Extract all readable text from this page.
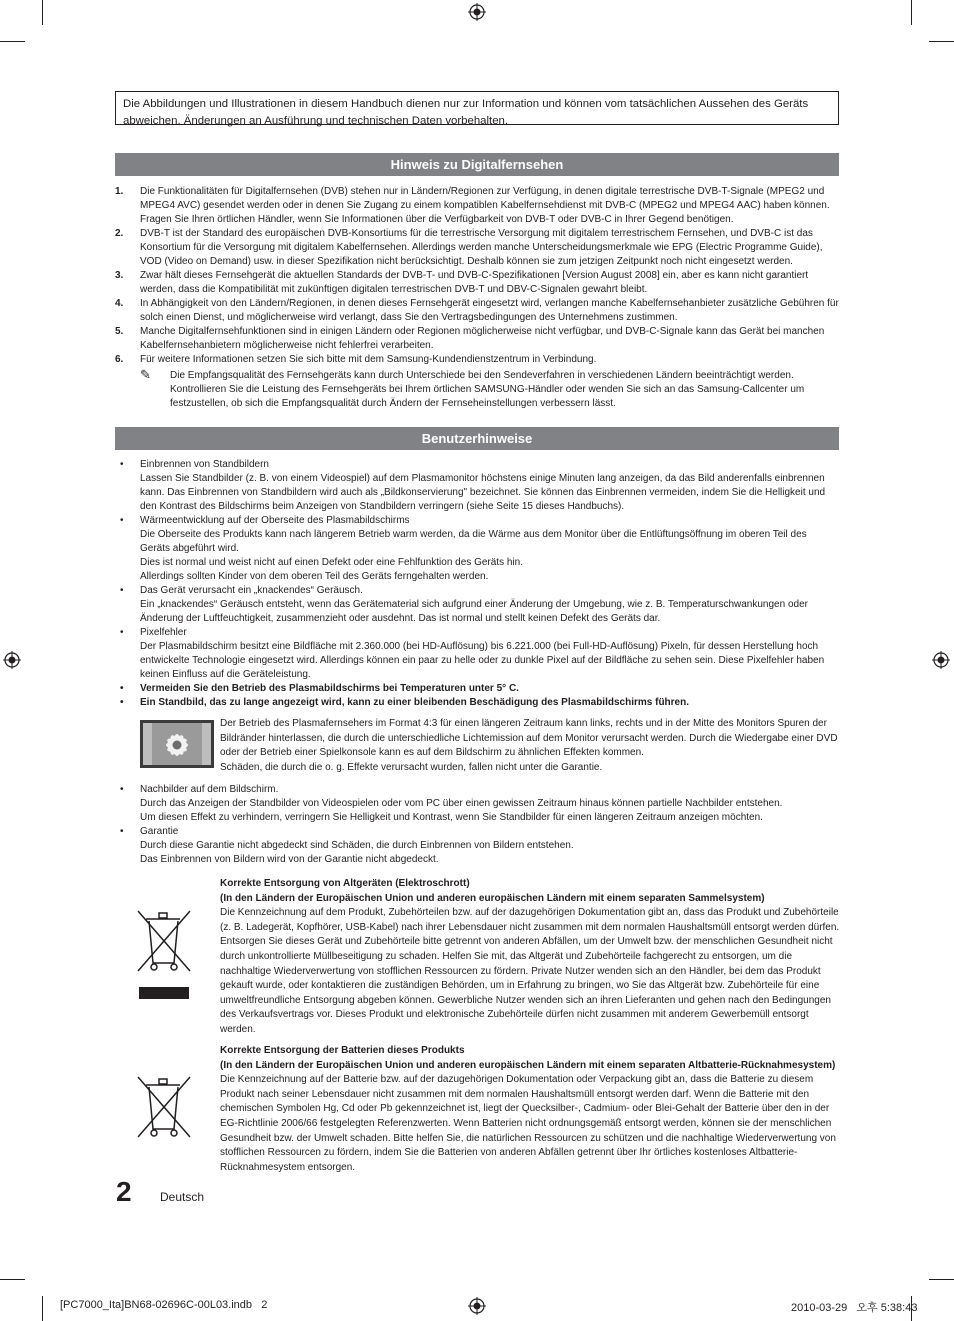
Die Abbildungen und Illustrationen in diesem Handbuch dienen nur zur Information und können vom tatsächlichen Aussehen des Geräts abweichen. Änderungen an Ausführung und technischen Daten vorbehalten.
Hinweis zu Digitalfernsehen
1. Die Funktionalitäten für Digitalfernsehen (DVB) stehen nur in Ländern/Regionen zur Verfügung, in denen digitale terrestrische DVB-T-Signale (MPEG2 und MPEG4 AVC) gesendet werden oder in denen Sie Zugang zu einem kompatiblen Kabelfernsehdienst mit DVB-C (MPEG2 und MPEG4 AAC) haben können. Fragen Sie Ihren örtlichen Händler, wenn Sie Informationen über die Verfügbarkeit von DVB-T oder DVB-C in Ihrer Gegend benötigen.
2. DVB-T ist der Standard des europäischen DVB-Konsortiums für die terrestrische Versorgung mit digitalem terrestrischem Fernsehen, und DVB-C ist das Konsortium für die Versorgung mit digitalem Kabelfernsehen. Allerdings werden manche Unterscheidungsmerkmale wie EPG (Electric Programme Guide), VOD (Video on Demand) usw. in dieser Spezifikation nicht berücksichtigt. Deshalb können sie zum jetzigen Zeitpunkt noch nicht eingesetzt werden.
3. Zwar hält dieses Fernsehgerät die aktuellen Standards der DVB-T- und DVB-C-Spezifikationen [Version August 2008] ein, aber es kann nicht garantiert werden, dass die Kompatibilität mit zukünftigen digitalen terrestrischen DVB-T und DBV-C-Signalen gewahrt bleibt.
4. In Abhängigkeit von den Ländern/Regionen, in denen dieses Fernsehgerät eingesetzt wird, verlangen manche Kabelfernsehanbieter zusätzliche Gebühren für solch einen Dienst, und möglicherweise wird verlangt, dass Sie den Vertragsbedingungen des Unternehmens zustimmen.
5. Manche Digitalfernsehfunktionen sind in einigen Ländern oder Regionen möglicherweise nicht verfügbar, und DVB-C-Signale kann das Gerät bei manchen Kabelfernsehanbietern möglicherweise nicht fehlerfrei verarbeiten.
6. Für weitere Informationen setzen Sie sich bitte mit dem Samsung-Kundendienstzentrum in Verbindung.
✎ Die Empfangsqualität des Fernsehgeräts kann durch Unterschiede bei den Sendeverfahren in verschiedenen Ländern beeinträchtigt werden. Kontrollieren Sie die Leistung des Fernsehgeräts bei Ihrem örtlichen SAMSUNG-Händler oder wenden Sie sich an das Samsung-Callcenter um festzustellen, ob sich die Empfangsqualität durch Ändern der Fernseheinstellungen verbessern lässt.
Benutzerhinweise
• Einbrennen von Standbildern
Lassen Sie Standbilder (z. B. von einem Videospiel) auf dem Plasmamonitor höchstens einige Minuten lang anzeigen, da das Bild anderenfalls einbrennen kann. Das Einbrennen von Standbildern wird auch als „Bildkonservierung" bezeichnet. Sie können das Einbrennen vermeiden, indem Sie die Helligkeit und den Kontrast des Bildschirms beim Anzeigen von Standbildern verringern (siehe Seite 15 dieses Handbuchs).
• Wärmeentwicklung auf der Oberseite des Plasmabildschirms
Die Oberseite des Produkts kann nach längerem Betrieb warm werden, da die Wärme aus dem Monitor über die Entlüftungsöffnung im oberen Teil des Geräts abgeführt wird.
Dies ist normal und weist nicht auf einen Defekt oder eine Fehlfunktion des Geräts hin.
Allerdings sollten Kinder von dem oberen Teil des Geräts ferngehalten werden.
• Das Gerät verursacht ein „knackendes“ Geräusch.
Ein „knackendes“ Geräusch entsteht, wenn das Gerätematerial sich aufgrund einer Änderung der Umgebung, wie z. B. Temperaturschwankungen oder Änderung der Luftfeuchtigkeit, zusammenzieht oder ausdehnt. Das ist normal und stellt keinen Defekt des Geräts dar.
• Pixelfehler
Der Plasmabildschirm besitzt eine Bildfläche mit 2.360.000 (bei HD-Auflösung) bis 6.221.000 (bei Full-HD-Auflösung) Pixeln, für dessen Herstellung hoch entwickelte Technologie eingesetzt wird. Allerdings können ein paar zu helle oder zu dunkle Pixel auf der Bildfläche zu sehen sein. Diese Pixelfehler haben keinen Einfluss auf die Geräteleistung.
• Vermeiden Sie den Betrieb des Plasmabildschirms bei Temperaturen unter 5° C.
• Ein Standbild, das zu lange angezeigt wird, kann zu einer bleibenden Beschädigung des Plasmabildschirms führen.
Der Betrieb des Plasmafernsehers im Format 4:3 für einen längeren Zeitraum kann links, rechts und in der Mitte des Monitors Spuren der Bildränder hinterlassen, die durch die unterschiedliche Lichtemission auf dem Monitor verursacht werden. Durch die Wiedergabe einer DVD oder der Betrieb einer Spielkonsole kann es auf dem Bildschirm zu ähnlichen Effekten kommen.
Schäden, die durch die o. g. Effekte verursacht wurden, fallen nicht unter die Garantie.
• Nachbilder auf dem Bildschirm.
Durch das Anzeigen der Standbilder von Videospielen oder vom PC über einen gewissen Zeitraum hinaus können partielle Nachbilder entstehen.
Um diesen Effekt zu verhindern, verringern Sie Helligkeit und Kontrast, wenn Sie Standbilder für einen längeren Zeitraum anzeigen möchten.
• Garantie
Durch diese Garantie nicht abgedeckt sind Schäden, die durch Einbrennen von Bildern entstehen.
Das Einbrennen von Bildern wird von der Garantie nicht abgedeckt.
Korrekte Entsorgung von Altgeräten (Elektroschrott)
(In den Ländern der Europäischen Union und anderen europäischen Ländern mit einem separaten Sammelsystem)
Die Kennzeichnung auf dem Produkt, Zubehörteilen bzw. auf der dazugehörigen Dokumentation gibt an, dass das Produkt und Zubehörteile (z. B. Ladegerät, Kopfhörer, USB-Kabel) nach ihrer Lebensdauer nicht zusammen mit dem normalen Haushaltsmüll entsorgt werden dürfen. Entsorgen Sie dieses Gerät und Zubehörteile bitte getrennt von anderen Abfällen, um der Umwelt bzw. der menschlichen Gesundheit nicht durch unkontrollierte Müllbeseitigung zu schaden. Helfen Sie mit, das Altgerät und Zubehörteile fachgerecht zu entsorgen, um die nachhaltige Wiederverwertung von stofflichen Ressourcen zu fördern. Private Nutzer wenden sich an den Händler, bei dem das Produkt gekauft wurde, oder kontaktieren die zuständigen Behörden, um in Erfahrung zu bringen, wo Sie das Altgerät bzw. Zubehörteile für eine umweltfreundliche Entsorgung abgeben können. Gewerbliche Nutzer wenden sich an ihren Lieferanten und gehen nach den Bedingungen des Verkaufsvertrags vor. Dieses Produkt und elektronische Zubehörteile dürfen nicht zusammen mit anderem Gewerbemüll entsorgt werden.
Korrekte Entsorgung der Batterien dieses Produkts
(In den Ländern der Europäischen Union und anderen europäischen Ländern mit einem separaten Altbatterie-Rücknahmesystem)
Die Kennzeichnung auf der Batterie bzw. auf der dazugehörigen Dokumentation oder Verpackung gibt an, dass die Batterie zu diesem Produkt nach seiner Lebensdauer nicht zusammen mit dem normalen Haushaltsmüll entsorgt werden darf. Wenn die Batterie mit den chemischen Symbolen Hg, Cd oder Pb gekennzeichnet ist, liegt der Quecksilber-, Cadmium- oder Blei-Gehalt der Batterie über den in der EG-Richtlinie 2006/66 festgelegten Referenzwerten. Wenn Batterien nicht ordnungsgemäß entsorgt werden, können sie der menschlichen Gesundheit bzw. der Umwelt schaden. Bitte helfen Sie, die natürlichen Ressourcen zu schützen und die nachhaltige Wiederverwertung von stofflichen Ressourcen zu fördern, indem Sie die Batterien von anderen Abfällen getrennt über Ihr örtliches kostenloses Altbatterie-Rücknahmesystem entsorgen.
2 Deutsch
[PC7000_Ita]BN68-02696C-00L03.indb   2	2010-03-29   오후 5:38:43
